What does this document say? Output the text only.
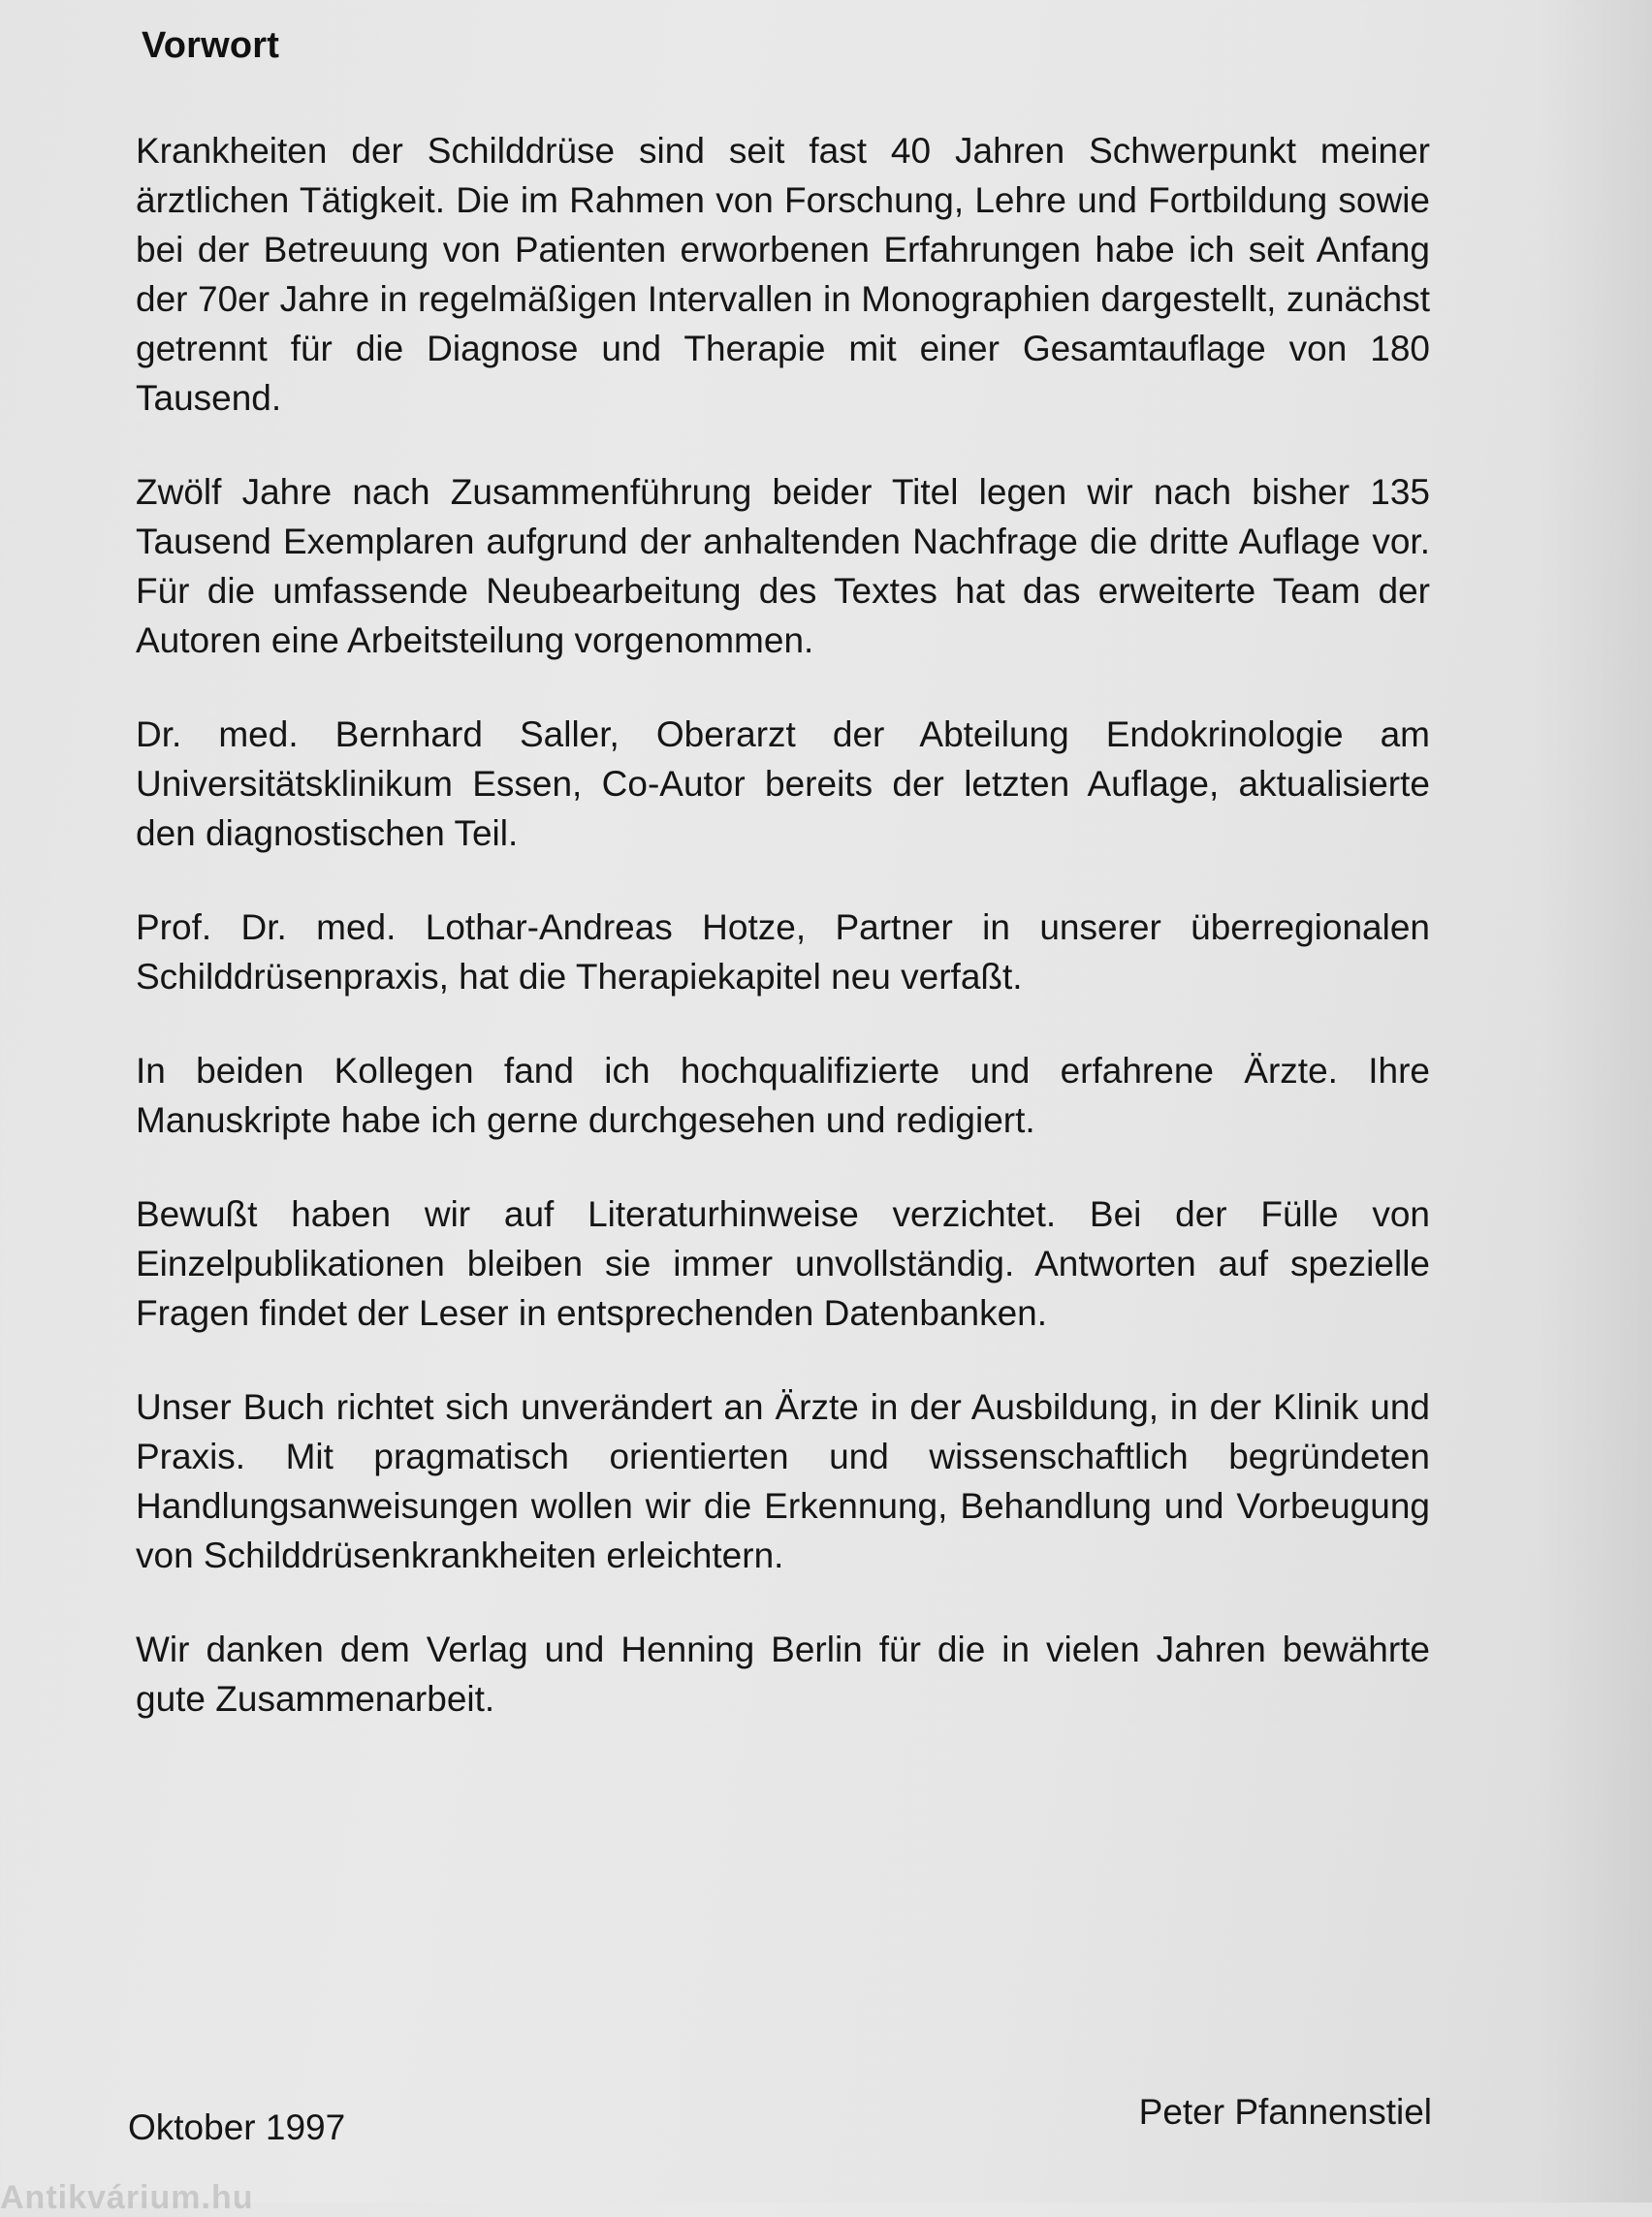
Vorwort

Krankheiten der Schilddrüse sind seit fast 40 Jahren Schwerpunkt meiner ärztlichen Tätigkeit. Die im Rahmen von Forschung, Lehre und Fortbildung sowie bei der Betreuung von Patienten erworbenen Erfahrungen habe ich seit Anfang der 70er Jahre in regelmäßigen Intervallen in Monographien dargestellt, zunächst getrennt für die Diagnose und Therapie mit einer Gesamtauflage von 180 Tausend.

Zwölf Jahre nach Zusammenführung beider Titel legen wir nach bisher 135 Tausend Exemplaren aufgrund der anhaltenden Nachfrage die dritte Auflage vor. Für die umfassende Neubearbeitung des Textes hat das erweiterte Team der Autoren eine Arbeitsteilung vorgenommen.

Dr. med. Bernhard Saller, Oberarzt der Abteilung Endokrinologie am Universitätsklinikum Essen, Co-Autor bereits der letzten Auflage, aktualisierte den diagnostischen Teil.

Prof. Dr. med. Lothar-Andreas Hotze, Partner in unserer überregionalen Schilddrüsenpraxis, hat die Therapiekapitel neu verfaßt.

In beiden Kollegen fand ich hochqualifizierte und erfahrene Ärzte. Ihre Manuskripte habe ich gerne durchgesehen und redigiert.

Bewußt haben wir auf Literaturhinweise verzichtet. Bei der Fülle von Einzelpublikationen bleiben sie immer unvollständig. Antworten auf spezielle Fragen findet der Leser in entsprechenden Datenbanken.

Unser Buch richtet sich unverändert an Ärzte in der Ausbildung, in der Klinik und Praxis. Mit pragmatisch orientierten und wissenschaftlich begründeten Handlungsanweisungen wollen wir die Erkennung, Behandlung und Vorbeugung von Schilddrüsenkrankheiten erleichtern.

Wir danken dem Verlag und Henning Berlin für die in vielen Jahren bewährte gute Zusammenarbeit.

Oktober 1997	Peter Pfannenstiel
Antikvárium.hu
